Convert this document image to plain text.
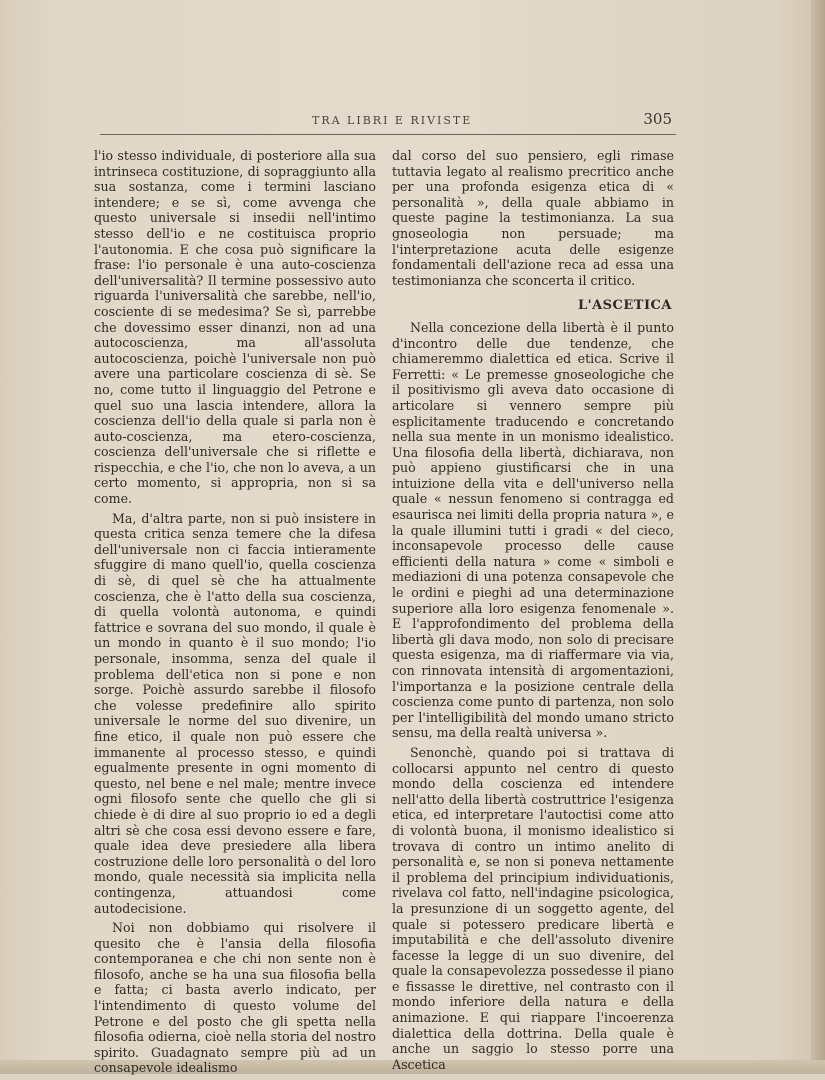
TRA LIBRI E RIVISTE	305

l'io stesso individuale, di posteriore alla sua intrinseca costituzione, di sopraggiunto alla sua sostanza, come i termini lasciano intendere; e se sì, come avvenga che questo universale si insedii nell'intimo stesso dell'io e ne costituisca proprio l'autonomia. E che cosa può significare la frase: l'io personale è una auto-coscienza dell'universalità? Il termine possessivo auto riguarda l'universalità che sarebbe, nell'io, cosciente di se medesima? Se sì, parrebbe che dovessimo esser dinanzi, non ad una autocoscienza, ma all'assoluta autocoscienza, poichè l'universale non può avere una particolare coscienza di sè. Se no, come tutto il linguaggio del Petrone e quel suo una lascia intendere, allora la coscienza dell'io della quale si parla non è auto-coscienza, ma etero-coscienza, coscienza dell'universale che si riflette e rispecchia, e che l'io, che non lo aveva, a un certo momento, si appropria, non si sa come.

Ma, d'altra parte, non si può insistere in questa critica senza temere che la difesa dell'universale non ci faccia intieramente sfuggire di mano quell'io, quella coscienza di sè, di quel sè che ha attualmente coscienza, che è l'atto della sua coscienza, di quella volontà autonoma, e quindi fattrice e sovrana del suo mondo, il quale è un mondo in quanto è il suo mondo; l'io personale, insomma, senza del quale il problema dell'etica non si pone e non sorge. Poichè assurdo sarebbe il filosofo che volesse predefinire allo spirito universale le norme del suo divenire, un fine etico, il quale non può essere che immanente al processo stesso, e quindi egualmente presente in ogni momento di questo, nel bene e nel male; mentre invece ogni filosofo sente che quello che gli si chiede è di dire al suo proprio io ed a degli altri sè che cosa essi devono essere e fare, quale idea deve presiedere alla libera costruzione delle loro personalità o del loro mondo, quale necessità sia implicita nella contingenza, attuandosi come autodecisione.

Noi non dobbiamo qui risolvere il quesito che è l'ansia della filosofia contemporanea e che chi non sente non è filosofo, anche se ha una sua filosofia bella e fatta; ci basta averlo indicato, per l'intendimento di questo volume del Petrone e del posto che gli spetta nella filosofia odierna, cioè nella storia del nostro spirito. Guadagnato sempre più ad un consapevole idealismo

dal corso del suo pensiero, egli rimase tuttavia legato al realismo precritico anche per una profonda esigenza etica di « personalità », della quale abbiamo in queste pagine la testimonianza. La sua gnoseologia non persuade; ma l'interpretazione acuta delle esigenze fondamentali dell'azione reca ad essa una testimonianza che sconcerta il critico.

L'ASCETICA

Nella concezione della libertà è il punto d'incontro delle due tendenze, che chiameremmo dialettica ed etica. Scrive il Ferretti: « Le premesse gnoseologiche che il positivismo gli aveva dato occasione di articolare si vennero sempre più esplicitamente traducendo e concretando nella sua mente in un monismo idealistico. Una filosofia della libertà, dichiarava, non può appieno giustificarsi che in una intuizione della vita e dell'universo nella quale « nessun fenomeno si contragga ed esaurisca nei limiti della propria natura », e la quale illumini tutti i gradi « del cieco, inconsapevole processo delle cause efficienti della natura » come « simboli e mediazioni di una potenza consapevole che le ordini e pieghi ad una determinazione superiore alla loro esigenza fenomenale ». E l'approfondimento del problema della libertà gli dava modo, non solo di precisare questa esigenza, ma di riaffermare via via, con rinnovata intensità di argomentazioni, l'importanza e la posizione centrale della coscienza come punto di partenza, non solo per l'intelligibilità del mondo umano stricto sensu, ma della realtà universa ».

Senonchè, quando poi si trattava di collocarsi appunto nel centro di questo mondo della coscienza ed intendere nell'atto della libertà costruttrice l'esigenza etica, ed interpretare l'autoctisi come atto di volontà buona, il monismo idealistico si trovava di contro un intimo anelito di personalità e, se non si poneva nettamente il problema del principium individuationis, rivelava col fatto, nell'indagine psicologica, la presunzione di un soggetto agente, del quale si potessero predicare libertà e imputabilità e che dell'assoluto divenire facesse la legge di un suo divenire, del quale la consapevolezza possedesse il piano e fissasse le direttive, nel contrasto con il mondo inferiore della natura e della animazione. E qui riappare l'incoerenza dialettica della dottrina. Della quale è anche un saggio lo stesso porre una Ascetica
